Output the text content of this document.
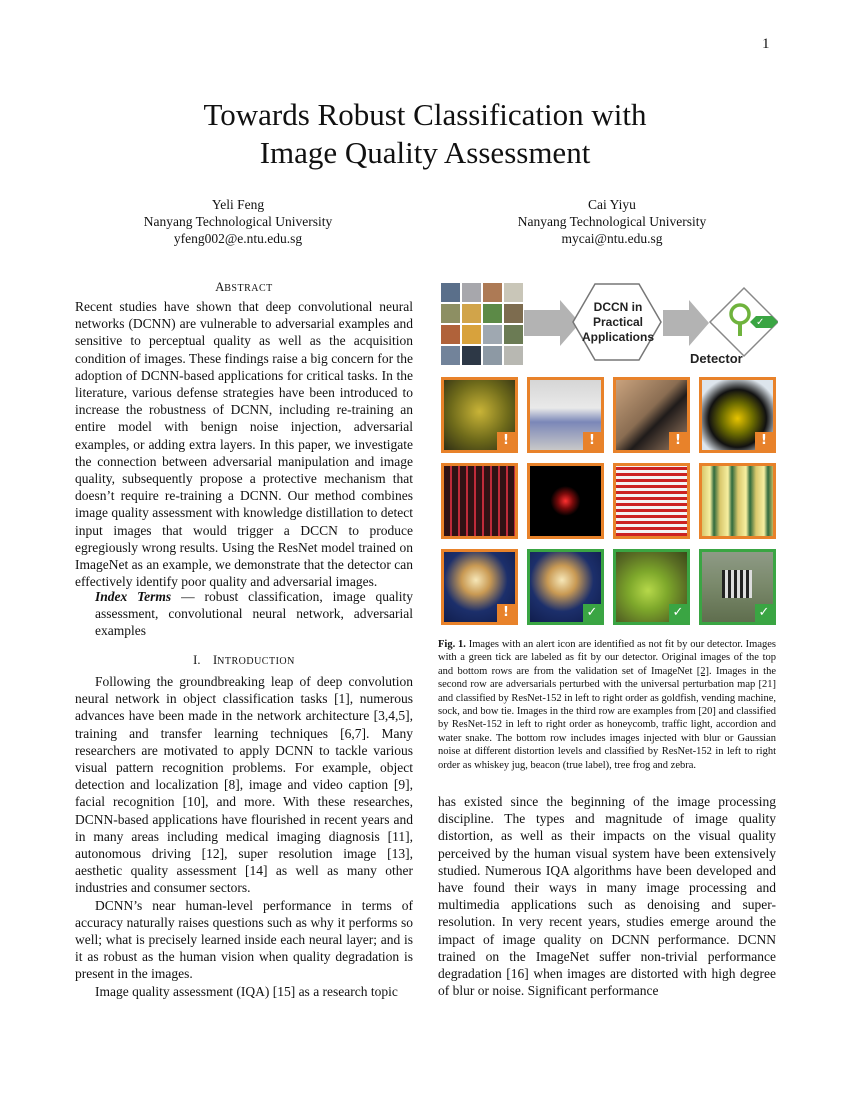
1
Towards Robust Classification with
Image Quality Assessment
Yeli Feng
Nanyang Technological University
yfeng002@e.ntu.edu.sg
Cai Yiyu
Nanyang Technological University
mycai@ntu.edu.sg
ABSTRACT

Recent studies have shown that deep convolutional neural networks (DCNN) are vulnerable to adversarial examples and sensitive to perceptual quality as well as the acquisition condition of images. These findings raise a big concern for the adoption of DCNN-based applications for critical tasks. In the literature, various defense strategies have been introduced to increase the robustness of DCNN, including re-training an entire model with benign noise injection, adversarial examples, or adding extra layers. In this paper, we investigate the connection between adversarial manipulation and image quality, subsequently propose a protective mechanism that doesn’t require re-training a DCNN. Our method combines image quality assessment with knowledge distillation to detect input images that would trigger a DCCN to produce egregiously wrong results. Using the ResNet model trained on ImageNet as an example, we demonstrate that the detector can effectively identify poor quality and adversarial images.

Index Terms — robust classification, image quality assessment, convolutional neural network, adversarial examples

I. INTRODUCTION

Following the groundbreaking leap of deep convolution neural network in object classification tasks [1], numerous advances have been made in the network architecture [3,4,5], training and transfer learning techniques [6,7]. Many researchers are motivated to apply DCNN to tackle various visual pattern recognition problems. For example, object detection and localization [8], image and video caption [9], facial recognition [10], and more. With these researches, DCNN-based applications have flourished in recent years and in many areas including medical imaging diagnosis [11], autonomous driving [12], super resolution image [13], aesthetic quality assessment [14] as well as many other industries and consumer sectors.

DCNN’s near human-level performance in terms of accuracy naturally raises questions such as why it performs so well; what is precisely learned inside each neural layer; and is it as robust as the human vision when quality degradation is present in the images.

Image quality assessment (IQA) [15] as a research topic

has existed since the beginning of the image processing discipline. The types and magnitude of image quality distortion, as well as their impacts on the visual quality perceived by the human visual system have been extensively studied. Numerous IQA algorithms have been developed and have found their ways in many image processing and multimedia applications such as denoising and super-resolution. In very recent years, studies emerge around the impact of image quality on DCNN performance. DCNN trained on the ImageNet suffer non-trivial performance degradation [16] when images are distorted with high degree of blur or noise. Significant performance

DCCN in
Practical
Applications
✓
Detector
!	!	!	!
!	✓	✓	✓
Fig. 1. Images with an alert icon are identified as not fit by our detector. Images with a green tick are labeled as fit by our detector. Original images of the top and bottom rows are from the validation set of ImageNet [2]. Images in the second row are adversarials perturbed with the universal perturbation map [21] and classified by ResNet-152 in left to right order as goldfish, vending machine, sock, and bow tie. Images in the third row are examples from [20] and classified by ResNet-152 in left to right order as honeycomb, traffic light, accordion and water snake. The bottom row includes images injected with blur or Gaussian noise at different distortion levels and classified by ResNet-152 in left to right order as whiskey jug, beacon (true label), tree frog and zebra.
